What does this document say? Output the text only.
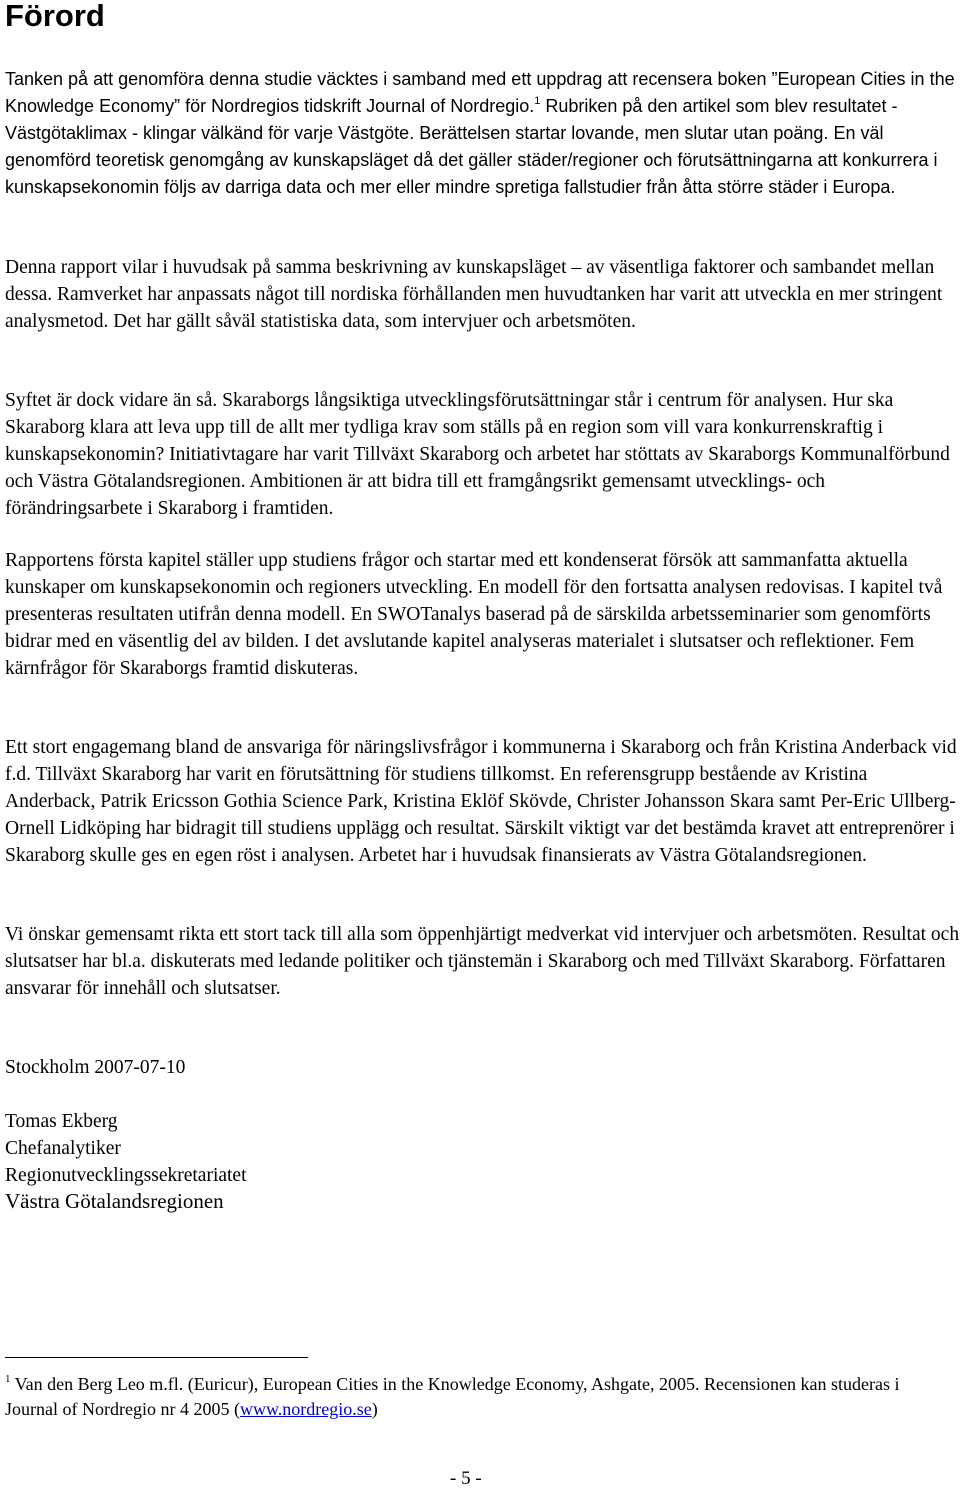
Förord

Tanken på att genomföra denna studie väcktes i samband med ett uppdrag att recensera boken ”European Cities in the Knowledge Economy” för Nordregios tidskrift Journal of Nordregio.$^1$ Rubriken på den artikel som blev resultatet - Västgötaklimax - klingar välkänd för varje Västgöte. Berättelsen startar lovande, men slutar utan poäng. En väl genomförd teoretisk genomgång av kunskapsläget då det gäller städer/regioner och förutsättningarna att konkurrera i kunskapsekonomin följs av darriga data och mer eller mindre spretiga fallstudier från åtta större städer i Europa.

Denna rapport vilar i huvudsak på samma beskrivning av kunskapsläget – av väsentliga faktorer och sambandet mellan dessa. Ramverket har anpassats något till nordiska förhållanden men huvudtanken har varit att utveckla en mer stringent analysmetod. Det har gällt såväl statistiska data, som intervjuer och arbetsmöten.

Syftet är dock vidare än så. Skaraborgs långsiktiga utvecklingsförutsättningar står i centrum för analysen. Hur ska Skaraborg klara att leva upp till de allt mer tydliga krav som ställs på en region som vill vara konkurrenskraftig i kunskapsekonomin? Initiativtagare har varit Tillväxt Skaraborg och arbetet har stöttats av Skaraborgs Kommunalförbund och Västra Götalandsregionen. Ambitionen är att bidra till ett framgångsrikt gemensamt utvecklings- och förändringsarbete i Skaraborg i framtiden.

Rapportens första kapitel ställer upp studiens frågor och startar med ett kondenserat försök att sammanfatta aktuella kunskaper om kunskapsekonomin och regioners utveckling. En modell för den fortsatta analysen redovisas. I kapitel två presenteras resultaten utifrån denna modell. En SWOTanalys baserad på de särskilda arbetsseminarier som genomförts bidrar med en väsentlig del av bilden. I det avslutande kapitel analyseras materialet i slutsatser och reflektioner. Fem kärnfrågor för Skaraborgs framtid diskuteras.

Ett stort engagemang bland de ansvariga för näringslivsfrågor i kommunerna i Skaraborg och från Kristina Anderback vid f.d. Tillväxt Skaraborg har varit en förutsättning för studiens tillkomst. En referensgrupp bestående av Kristina Anderback, Patrik Ericsson Gothia Science Park, Kristina Eklöf Skövde, Christer Johansson Skara samt Per-Eric Ullberg-Ornell Lidköping har bidragit till studiens upplägg och resultat. Särskilt viktigt var det bestämda kravet att entreprenörer i Skaraborg skulle ges en egen röst i analysen. Arbetet har i huvudsak finansierats av Västra Götalandsregionen.

Vi önskar gemensamt rikta ett stort tack till alla som öppenhjärtigt medverkat vid intervjuer och arbetsmöten. Resultat och slutsatser har bl.a. diskuterats med ledande politiker och tjänstemän i Skaraborg och med Tillväxt Skaraborg. Författaren ansvarar för innehåll och slutsatser.

Stockholm 2007-07-10
Tomas Ekberg
Chefanalytiker
Regionutvecklingssekretariatet
Västra Götalandsregionen

$^1$ Van den Berg Leo m.fl. (Euricur), European Cities in the Knowledge Economy, Ashgate, 2005. Recensionen kan studeras i Journal of Nordregio nr 4 2005 (www.nordregio.se)

- 5 -
